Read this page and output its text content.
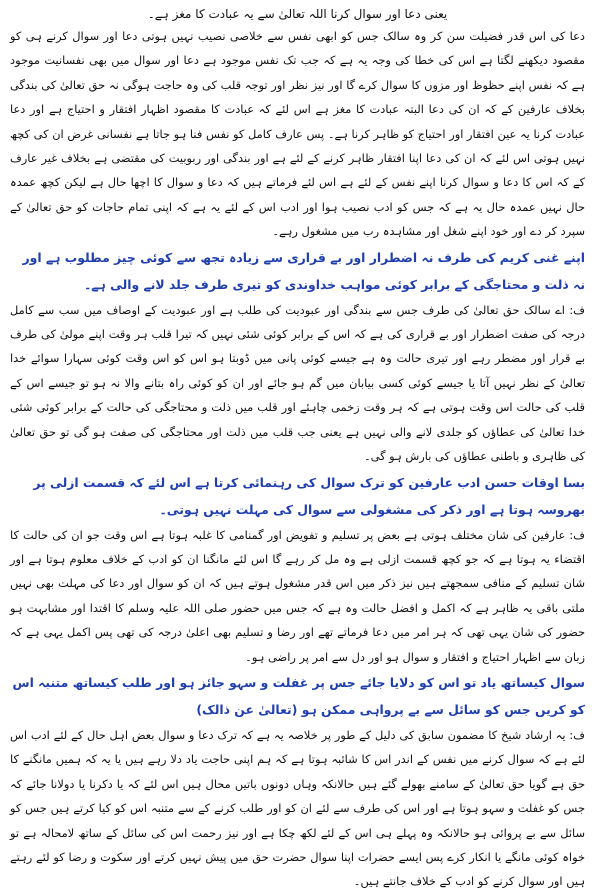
یعنی دعا اور سوال کرنا اللہ تعالیٰ سے یہ عبادت کا مغز ہے۔

دعا کی اس قدر فضیلت سن کر وہ سالک جس کو ابھی نفس سے خلاصی نصیب نہیں ہوتی دعا اور سوال کرنے ہی کو مقصود دیکھنے لگتا ہے اس کی خطا کی وجہ یہ ہے کہ جب تک نفس موجود ہے دعا اور سوال میں بھی نفسانیت موجود ہے کہ نفس اپنے حظوظ اور مزوں کا سوال کرے گا اور نیز نظر اور توجہ قلب کی وہ حاجت ہوگی نہ حق تعالیٰ کی بندگی بخلاف عارفین کے کہ ان کی دعا البتہ عبادت کا مغز ہے اس لئے کہ عبادت کا مقصود اظہار افتقار و احتیاج ہے اور دعا عبادت کرنا یہ عین افتقار اور احتیاج کو ظاہر کرنا ہے۔ پس عارف کامل کو نفس فنا ہو جاتا ہے نفسانی غرض ان کی کچھ نہیں ہوتی اس لئے کہ ان کی دعا اپنا افتقار ظاہر کرنے کے لئے ہے اور بندگی اور ربوبیت کی مقتضی ہے بخلاف غیر عارف کے کہ اس کا دعا و سوال کرنا اپنے نفس کے لئے ہے اس لئے فرماتے ہیں کہ دعا و سوال کا اچھا حال ہے لیکن کچھ عمدہ حال نہیں عمدہ حال یہ ہے کہ جس کو ادب نصیب ہوا اور ادب اس کے لئے یہ ہے کہ اپنی تمام حاجات کو حق تعالیٰ کے سپرد کر دے اور خود اپنے شغل اور مشاہدہ رب میں مشغول رہے۔

اپنے غنی کریم کی طرف نہ اضطرار اور بے قراری سے زیادہ تجھ سے کوئی چیز مطلوب ہے اور نہ ذلت و محتاجگی کے برابر کوئی مواہب خداوندی کو تیری طرف جلد لانے والی ہے۔

ف: اے سالک حق تعالیٰ کی طرف جس سے بندگی اور عبودیت کی طلب ہے اور عبودیت کے اوصاف میں سب سے کامل درجہ کی صفت اضطرار اور بے قراری کی ہے کہ اس کے برابر کوئی شئی نہیں کہ تیرا قلب ہر وقت اپنے مولیٰ کی طرف بے قرار اور مضطر رہے اور تیری حالت وہ ہے جیسے کوئی پانی میں ڈوبتا ہو اس کو اس وقت کوئی سہارا سوائے خدا تعالیٰ کے نظر نہیں آتا یا جیسے کوئی کسی بیابان میں گم ہو جائے اور ان کو کوئی راہ بتانے والا نہ ہو تو جیسے اس کے قلب کی حالت اس وقت ہوتی ہے کہ ہر وقت زخمی چاہئے اور قلب میں ذلت و محتاجگی کی حالت کے برابر کوئی شئی خدا تعالیٰ کی عطاؤں کو جلدی لانے والی نہیں ہے یعنی جب قلب میں ذلت اور محتاجگی کی صفت ہو گی تو حق تعالیٰ کی ظاہری و باطنی عطاؤں کی بارش ہو گی۔

بسا اوقات حسن ادب عارفین کو ترک سوال کی رہنمائی کرتا ہے اس لئے کہ قسمت ازلی پر بھروسہ ہوتا ہے اور ذکر کی مشغولی سے سوال کی مہلت نہیں ہوتی۔

ف: عارفین کی شان مختلف ہوتی ہے بعض پر تسلیم و تفویض اور گمنامی کا غلبہ ہوتا ہے اس وقت جو ان کی حالت کا اقتضاء یہ ہوتا ہے کہ جو کچھ قسمت ازلی ہے وہ مل کر رہے گا اس لئے مانگنا ان کو ادب کے خلاف معلوم ہوتا ہے اور شان تسلیم کے منافی سمجھتے ہیں نیز ذکر میں اس قدر مشغول ہوتے ہیں کہ ان کو سوال اور دعا کی مہلت بھی نہیں ملتی باقی یہ ظاہر ہے کہ اکمل و افضل حالت وہ ہے کہ جس میں حضور صلی اللہ علیہ وسلم کا اقتدا اور مشابہت ہو حضور کی شان یہی تھی کہ ہر امر میں دعا فرماتے تھے اور رضا و تسلیم بھی اعلیٰ درجہ کی تھی پس اکمل یہی ہے کہ زبان سے اظہار احتیاج و افتقار و سوال ہو اور دل سے امر پر راضی ہو۔

سوال کیساتھ یاد تو اس کو دلایا جائے جس پر غفلت و سہو جائز ہو اور طلب کیساتھ متنبہ اس کو کریں جس کو سائل سے بے پرواہی ممکن ہو (تعالیٰ عن ذالک)

ف: یہ ارشاد شیخ کا مضمون سابق کی دلیل کے طور پر خلاصہ یہ ہے کہ ترک دعا و سوال بعض اہل حال کے لئے ادب اس لئے ہے کہ سوال کرنے میں نفس کے اندر اس کا شائبہ ہوتا ہے کہ ہم اپنی حاجت یاد دلا رہے ہیں یا یہ کہ ہمیں مانگنے کا حق ہے گویا حق تعالیٰ کے سامنے بھولے گئے ہیں حالانکہ وہاں دونوں باتیں محال ہیں اس لئے کہ یا دکرنا یا دولانا جائے کہ جس کو غفلت و سہو ہوتا ہے اور اس کی طرف سے لئے ان کو اور طلب کرنے کے سے متنبہ اس کو کیا کرتے ہیں جس کو سائل سے بے پروائی ہو حالانکہ وہ پہلے ہی اس کے لئے لکھ چکا ہے اور نیز رحمت اس کی سائل کے ساتھ لامحالہ ہے تو خواہ کوئی مانگے یا انکار کرے پس ایسے حضرات اپنا سوال حضرت حق میں پیش نہیں کرتے اور سکوت و رضا کو لئے رہتے ہیں اور سوال کرنے کو ادب کے خلاف جانتے ہیں۔
